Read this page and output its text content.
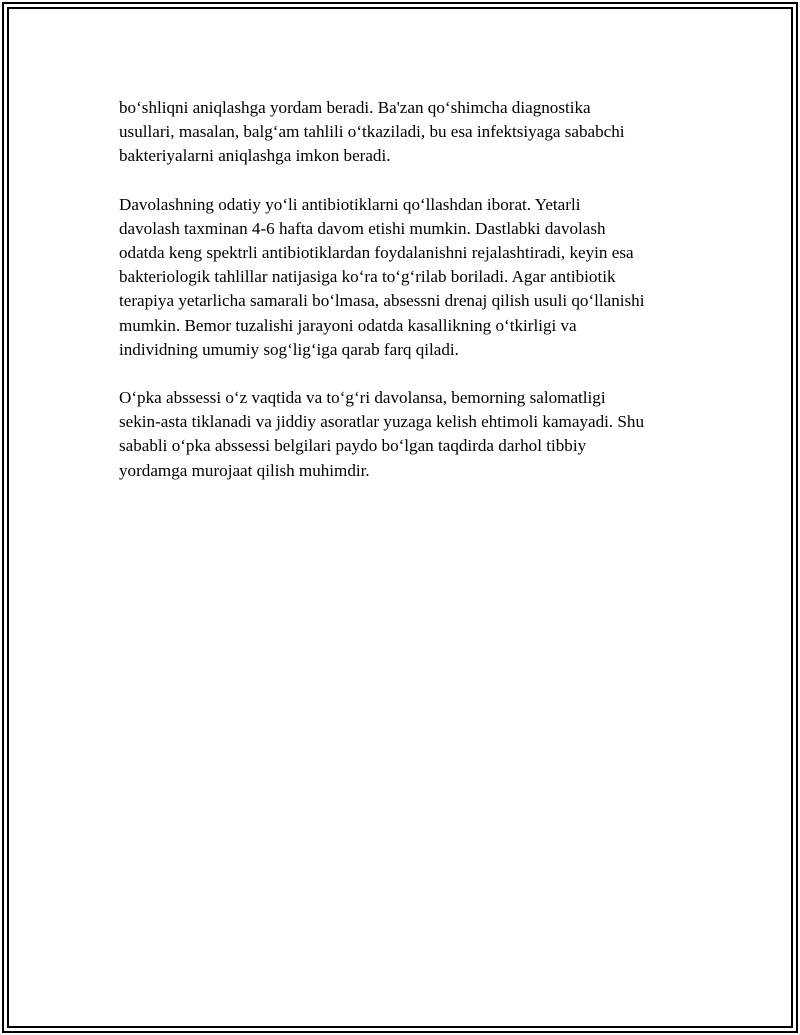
bo‘shliqni aniqlashga yordam beradi. Ba'zan qo‘shimcha diagnostika
usullari, masalan, balg‘am tahlili o‘tkaziladi, bu esa infektsiyaga sababchi
bakteriyalarni aniqlashga imkon beradi.

Davolashning odatiy yo‘li antibiotiklarni qo‘llashdan iborat. Yetarli
davolash taxminan 4-6 hafta davom etishi mumkin. Dastlabki davolash
odatda keng spektrli antibiotiklardan foydalanishni rejalashtiradi, keyin esa
bakteriologik tahlillar natijasiga ko‘ra to‘g‘rilab boriladi. Agar antibiotik
terapiya yetarlicha samarali bo‘lmasa, absessni drenaj qilish usuli qo‘llanishi
mumkin. Bemor tuzalishi jarayoni odatda kasallikning o‘tkirligi va
individning umumiy sog‘lig‘iga qarab farq qiladi.

O‘pka abssessi o‘z vaqtida va to‘g‘ri davolansa, bemorning salomatligi
sekin-asta tiklanadi va jiddiy asoratlar yuzaga kelish ehtimoli kamayadi. Shu
sababli o‘pka abssessi belgilari paydo bo‘lgan taqdirda darhol tibbiy
yordamga murojaat qilish muhimdir.
